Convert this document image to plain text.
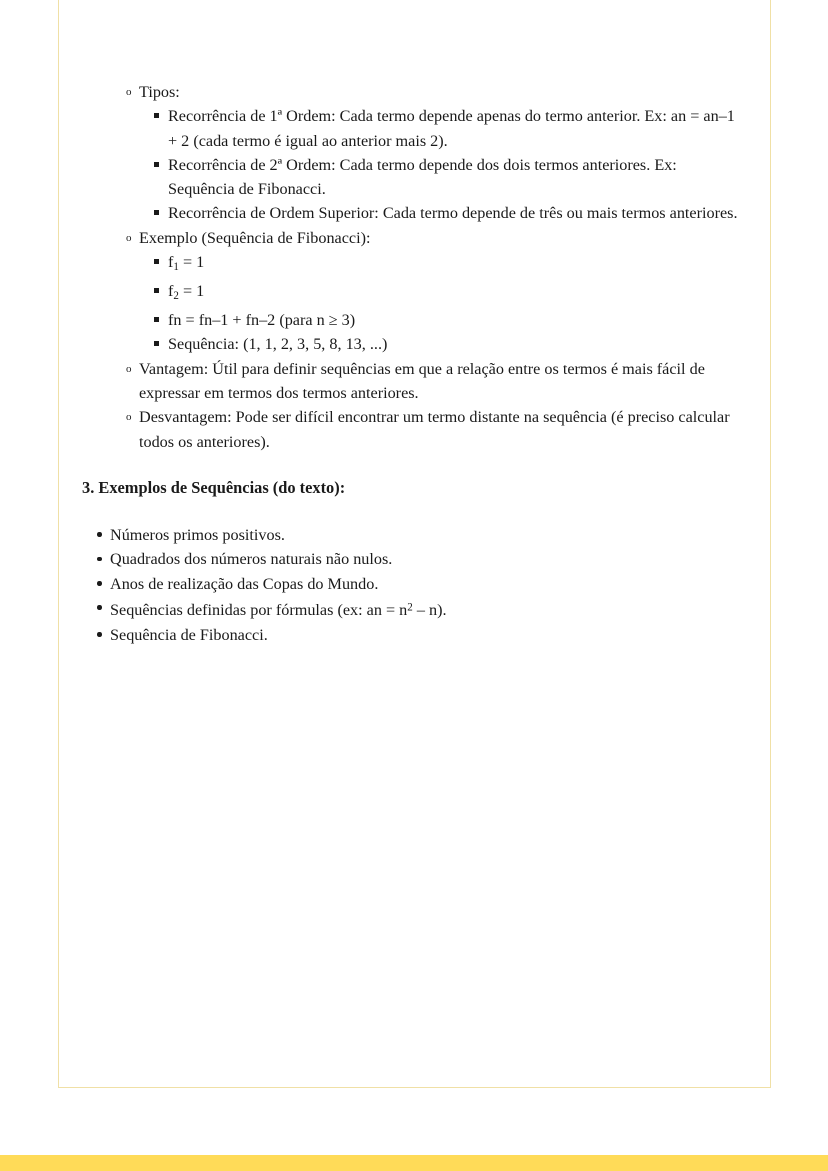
o Tipos:
Recorrência de 1ª Ordem: Cada termo depende apenas do termo anterior. Ex: an = an–1 + 2 (cada termo é igual ao anterior mais 2).
Recorrência de 2ª Ordem: Cada termo depende dos dois termos anteriores. Ex: Sequência de Fibonacci.
Recorrência de Ordem Superior: Cada termo depende de três ou mais termos anteriores.
o Exemplo (Sequência de Fibonacci):
$f_1 = 1$
$f_2 = 1$
fn = fn–1 + fn–2 (para n ≥ 3)
Sequência: (1, 1, 2, 3, 5, 8, 13, ...)
o Vantagem: Útil para definir sequências em que a relação entre os termos é mais fácil de expressar em termos dos termos anteriores.
o Desvantagem: Pode ser difícil encontrar um termo distante na sequência (é preciso calcular todos os anteriores).

3. Exemplos de Sequências (do texto):

Números primos positivos.
Quadrados dos números naturais não nulos.
Anos de realização das Copas do Mundo.
Sequências definidas por fórmulas (ex: an = $n^2 - n$).
Sequência de Fibonacci.
